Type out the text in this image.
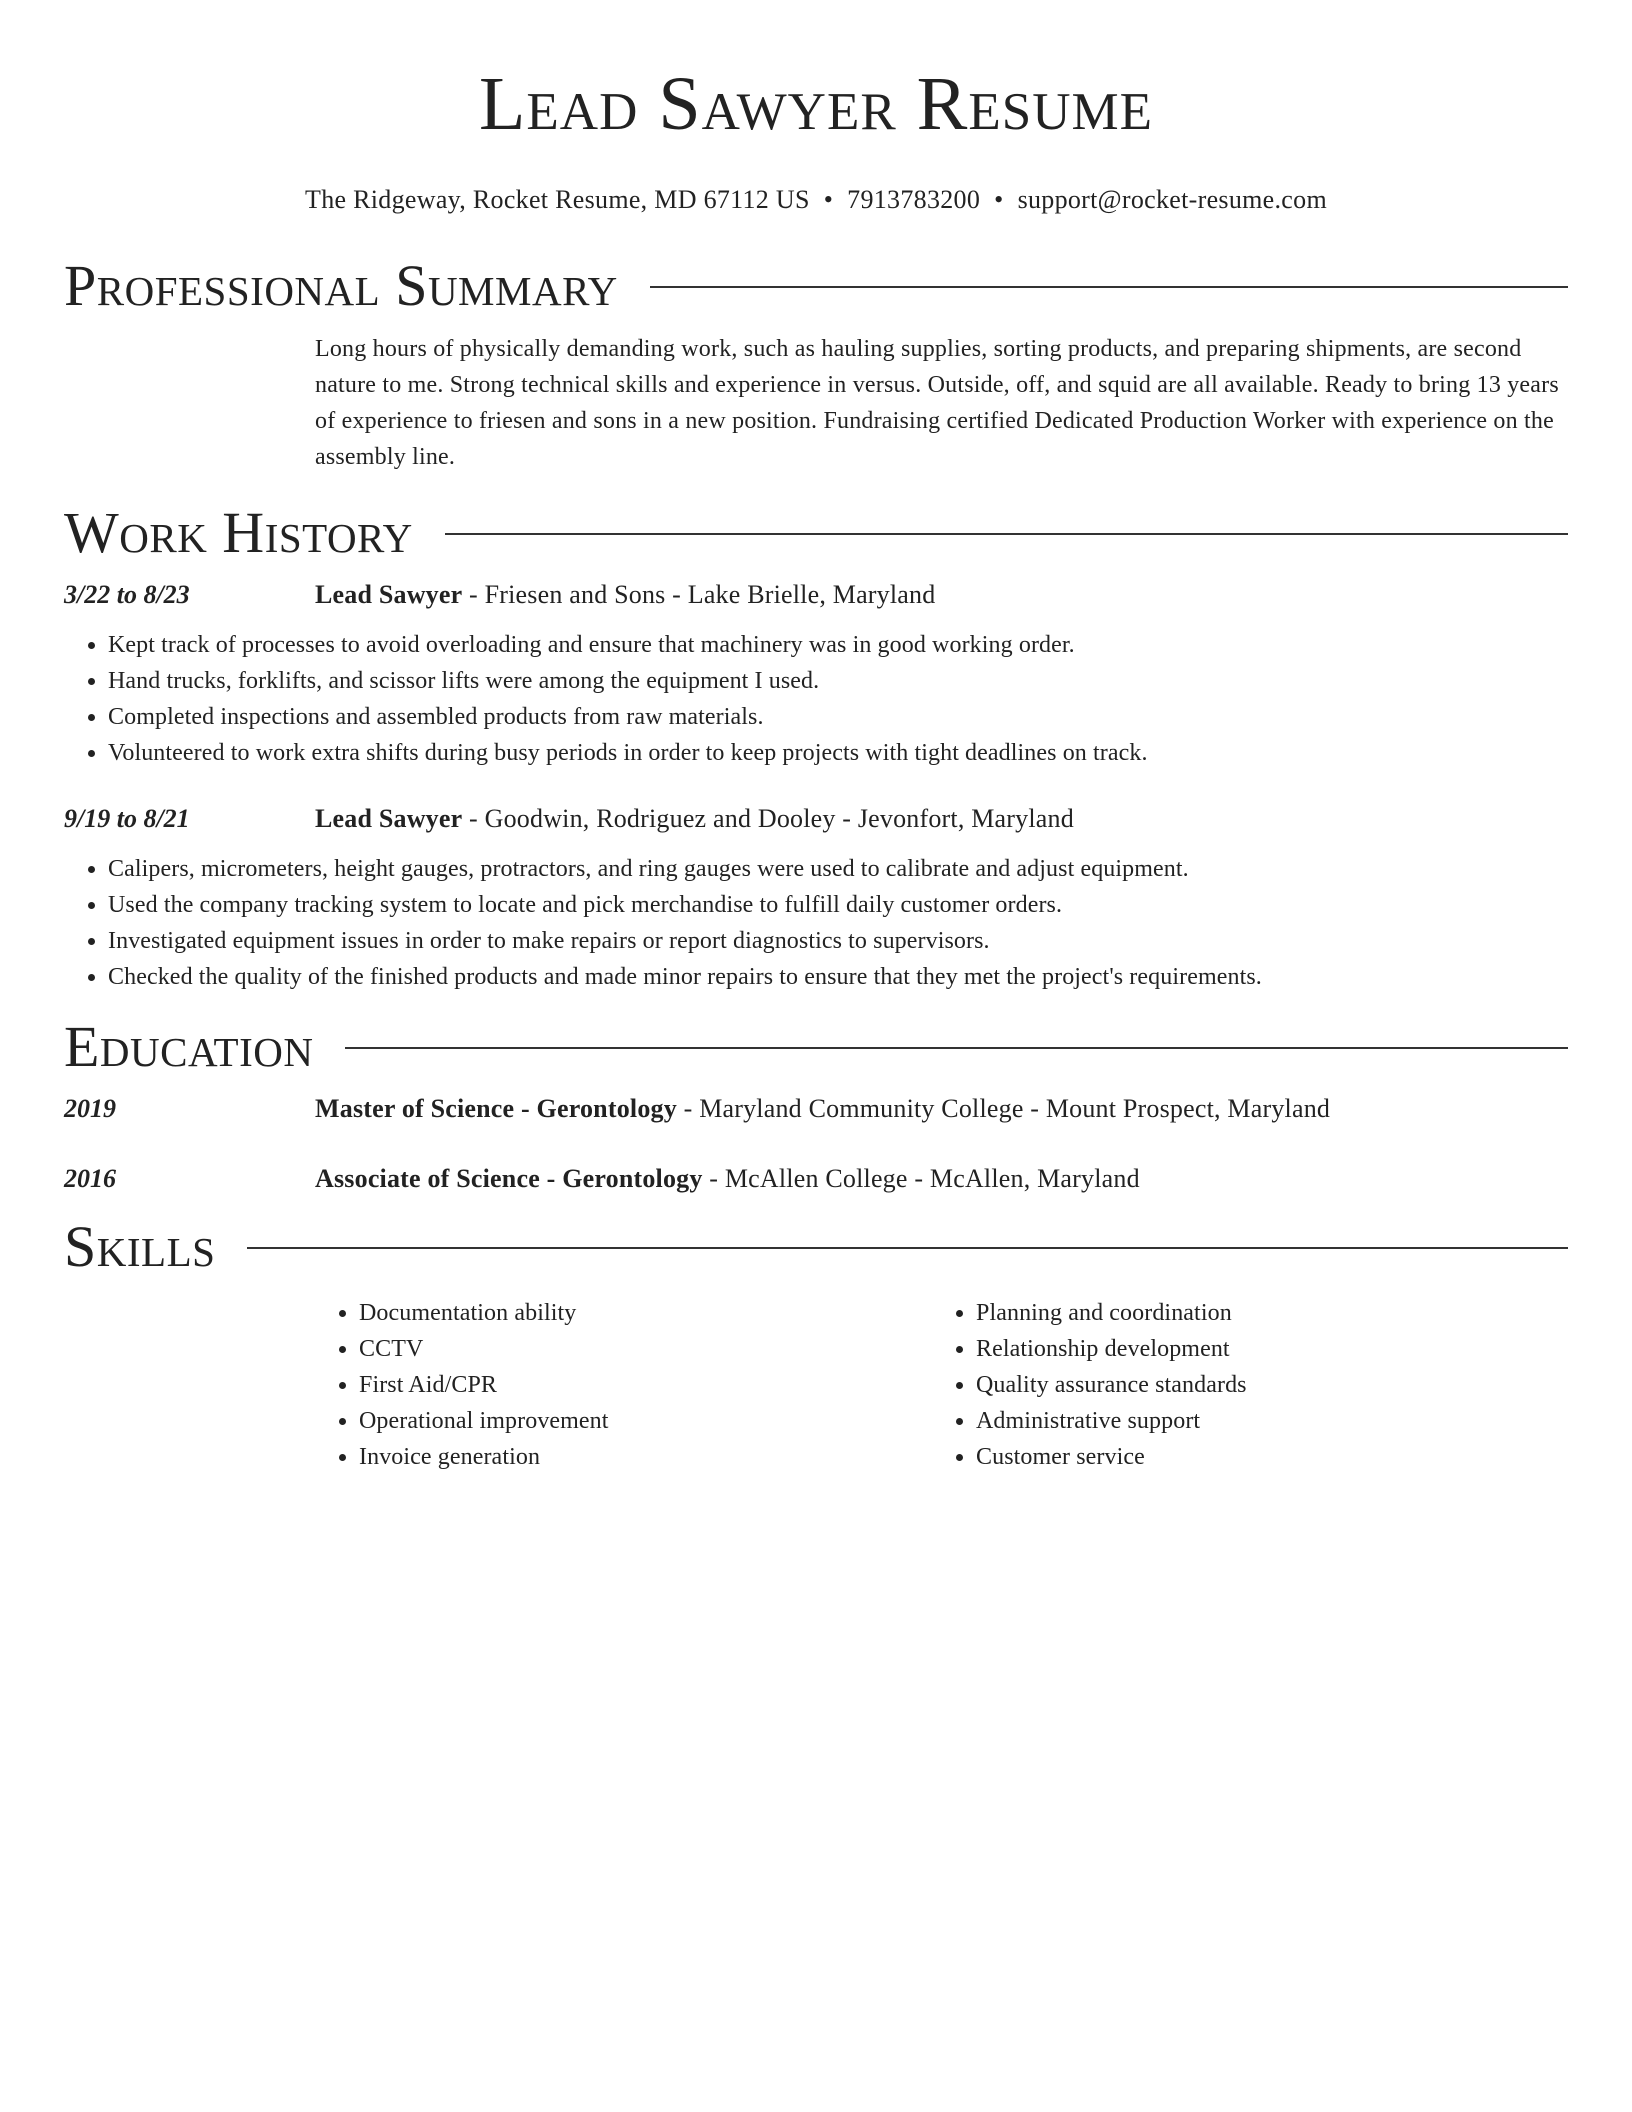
Lead Sawyer Resume
The Ridgeway, Rocket Resume, MD 67112 US • 7913783200 • support@rocket-resume.com
Professional Summary
Long hours of physically demanding work, such as hauling supplies, sorting products, and preparing shipments, are second nature to me. Strong technical skills and experience in versus. Outside, off, and squid are all available. Ready to bring 13 years of experience to friesen and sons in a new position. Fundraising certified Dedicated Production Worker with experience on the assembly line.
Work History
3/22 to 8/23	Lead Sawyer - Friesen and Sons - Lake Brielle, Maryland
• Kept track of processes to avoid overloading and ensure that machinery was in good working order.
• Hand trucks, forklifts, and scissor lifts were among the equipment I used.
• Completed inspections and assembled products from raw materials.
• Volunteered to work extra shifts during busy periods in order to keep projects with tight deadlines on track.
9/19 to 8/21	Lead Sawyer - Goodwin, Rodriguez and Dooley - Jevonfort, Maryland
• Calipers, micrometers, height gauges, protractors, and ring gauges were used to calibrate and adjust equipment.
• Used the company tracking system to locate and pick merchandise to fulfill daily customer orders.
• Investigated equipment issues in order to make repairs or report diagnostics to supervisors.
• Checked the quality of the finished products and made minor repairs to ensure that they met the project's requirements.
Education
2019	Master of Science - Gerontology - Maryland Community College - Mount Prospect, Maryland
2016	Associate of Science - Gerontology - McAllen College - McAllen, Maryland
Skills
• Documentation ability
• CCTV
• First Aid/CPR
• Operational improvement
• Invoice generation
• Planning and coordination
• Relationship development
• Quality assurance standards
• Administrative support
• Customer service
